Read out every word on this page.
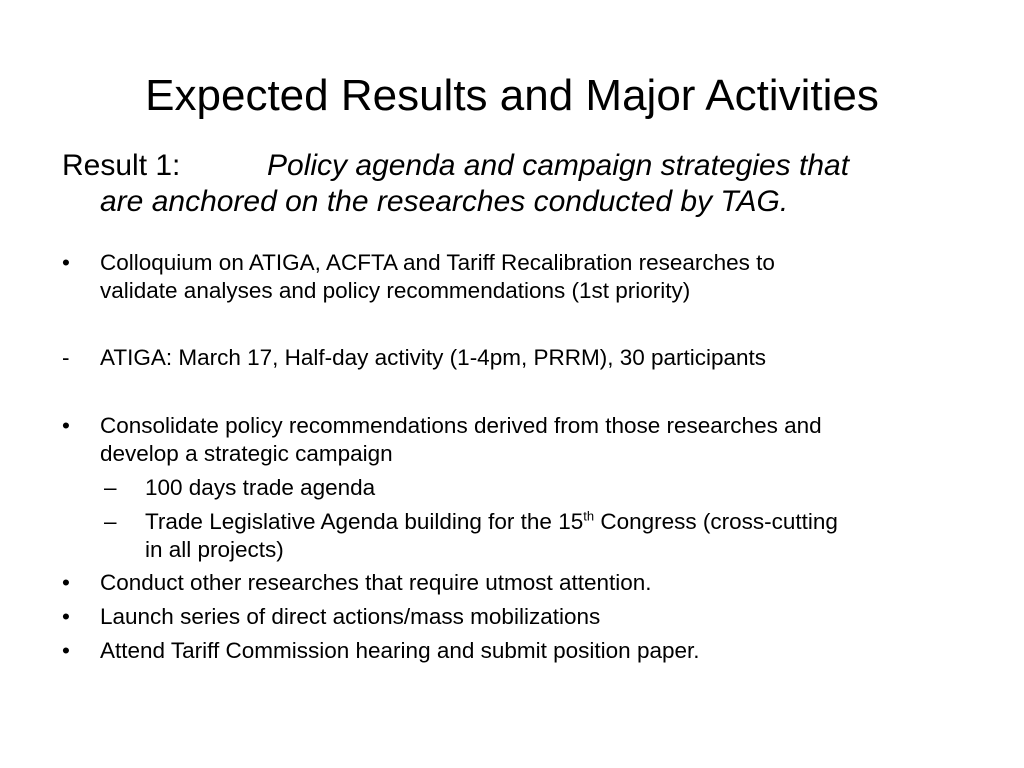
Expected Results and Major Activities
Result 1:	Policy agenda and campaign strategies that
are anchored on the researches conducted by TAG.
•	Colloquium on ATIGA, ACFTA and Tariff Recalibration researches to
validate analyses and policy recommendations (1st priority)
-	ATIGA: March 17, Half-day activity (1-4pm, PRRM), 30 participants
•	Consolidate policy recommendations derived from those researches and
develop a strategic campaign
–	100 days trade agenda
–	Trade Legislative Agenda building for the 15th Congress (cross-cutting
in all projects)
•	Conduct other researches that require utmost attention.
•	Launch series of direct actions/mass mobilizations
•	Attend Tariff Commission hearing and submit position paper.
